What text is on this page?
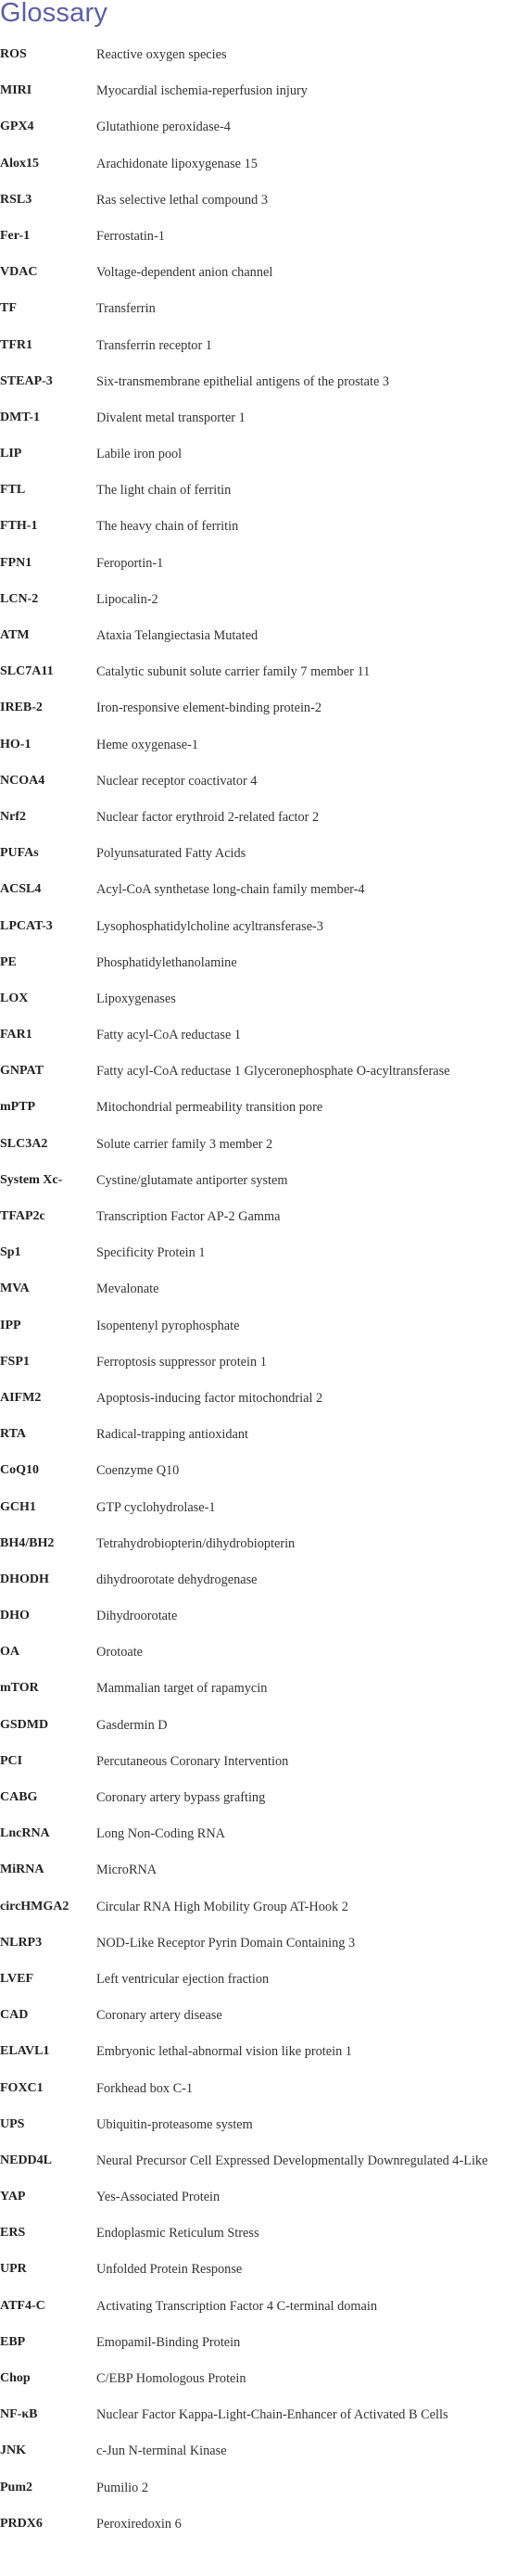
Glossary
ROS	Reactive oxygen species
MIRI	Myocardial ischemia-reperfusion injury
GPX4	Glutathione peroxidase-4
Alox15	Arachidonate lipoxygenase 15
RSL3	Ras selective lethal compound 3
Fer-1	Ferrostatin-1
VDAC	Voltage-dependent anion channel
TF	Transferrin
TFR1	Transferrin receptor 1
STEAP-3	Six-transmembrane epithelial antigens of the prostate 3
DMT-1	Divalent metal transporter 1
LIP	Labile iron pool
FTL	The light chain of ferritin
FTH-1	The heavy chain of ferritin
FPN1	Feroportin-1
LCN-2	Lipocalin-2
ATM	Ataxia Telangiectasia Mutated
SLC7A11	Catalytic subunit solute carrier family 7 member 11
IREB-2	Iron-responsive element-binding protein-2
HO-1	Heme oxygenase-1
NCOA4	Nuclear receptor coactivator 4
Nrf2	Nuclear factor erythroid 2-related factor 2
PUFAs	Polyunsaturated Fatty Acids
ACSL4	Acyl-CoA synthetase long-chain family member-4
LPCAT-3	Lysophosphatidylcholine acyltransferase-3
PE	Phosphatidylethanolamine
LOX	Lipoxygenases
FAR1	Fatty acyl-CoA reductase 1
GNPAT	Fatty acyl-CoA reductase 1 Glyceronephosphate O-acyltransferase
mPTP	Mitochondrial permeability transition pore
SLC3A2	Solute carrier family 3 member 2
System Xc-	Cystine/glutamate antiporter system
TFAP2c	Transcription Factor AP-2 Gamma
Sp1	Specificity Protein 1
MVA	Mevalonate
IPP	Isopentenyl pyrophosphate
FSP1	Ferroptosis suppressor protein 1
AIFM2	Apoptosis-inducing factor mitochondrial 2
RTA	Radical-trapping antioxidant
CoQ10	Coenzyme Q10
GCH1	GTP cyclohydrolase-1
BH4/BH2	Tetrahydrobiopterin/dihydrobiopterin
DHODH	dihydroorotate dehydrogenase
DHO	Dihydroorotate
OA	Orotoate
mTOR	Mammalian target of rapamycin
GSDMD	Gasdermin D
PCI	Percutaneous Coronary Intervention
CABG	Coronary artery bypass grafting
LncRNA	Long Non-Coding RNA
MiRNA	MicroRNA
circHMGA2 Circular RNA High Mobility Group AT-Hook 2
NLRP3	NOD-Like Receptor Pyrin Domain Containing 3
LVEF	Left ventricular ejection fraction
CAD	Coronary artery disease
ELAVL1	Embryonic lethal-abnormal vision like protein 1
FOXC1	Forkhead box C-1
UPS	Ubiquitin-proteasome system
NEDD4L	Neural Precursor Cell Expressed Developmentally Downregulated 4-Like
YAP	Yes-Associated Protein
ERS	Endoplasmic Reticulum Stress
UPR	Unfolded Protein Response
ATF4-C	Activating Transcription Factor 4 C-terminal domain
EBP	Emopamil-Binding Protein
Chop	C/EBP Homologous Protein
NF-κB	Nuclear Factor Kappa-Light-Chain-Enhancer of Activated B Cells
JNK	c-Jun N-terminal Kinase
Pum2	Pumilio 2
PRDX6	Peroxiredoxin 6
